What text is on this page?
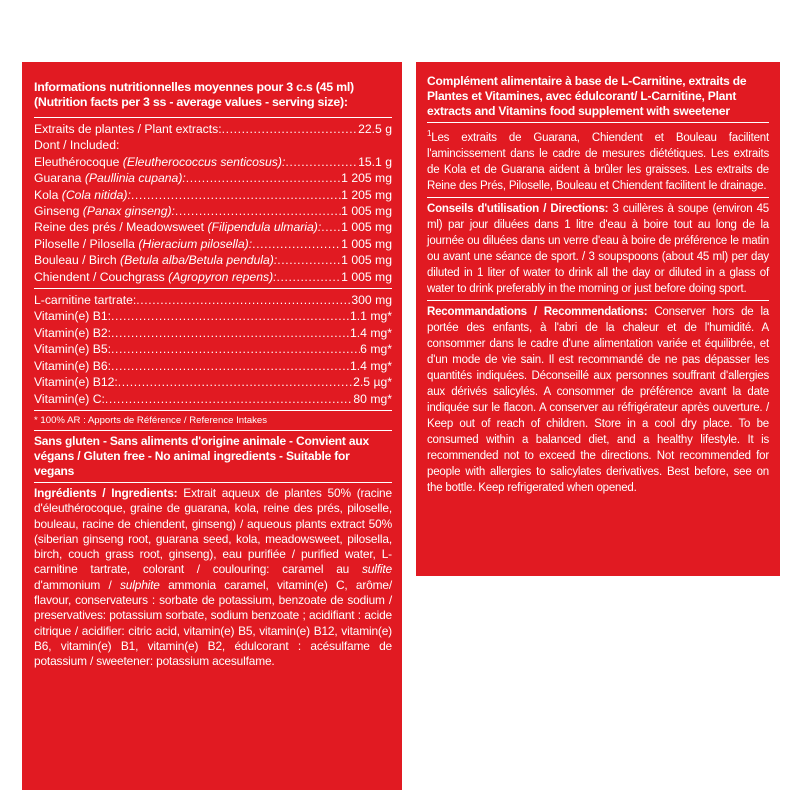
Informations nutritionnelles moyennes pour 3 c.s (45 ml)
(Nutrition facts per 3 ss - average values - serving size):
Extraits de plantes / Plant extracts: .....	22.5 g
Dont / Included:
Eleuthérocoque (Eleutherococcus senticosus): .....	15.1 g
Guarana (Paullinia cupana): .....	1 205 mg
Kola (Cola nitida): .....	1 205 mg
Ginseng (Panax ginseng): .....	1 005 mg
Reine des prés / Meadowsweet (Filipendula ulmaria): ..... 1 005 mg
Piloselle / Pilosella (Hieracium pilosella): .....	1 005 mg
Bouleau / Birch (Betula alba/Betula pendula): .....	1 005 mg
Chiendent / Couchgrass (Agropyron repens): .....	1 005 mg
L-carnitine tartrate: .....	300 mg
Vitamin(e) B1: .....	1.1 mg*
Vitamin(e) B2: .....	1.4 mg*
Vitamin(e) B5: .....	6 mg*
Vitamin(e) B6: .....	1.4 mg*
Vitamin(e) B12: .....	2.5 µg*
Vitamin(e) C: .....	80 mg*
* 100% AR : Apports de Référence / Reference Intakes
Sans gluten - Sans aliments d'origine animale - Convient aux végans / Gluten free - No animal ingredients - Suitable for vegans
Ingrédients / Ingredients: Extrait aqueux de plantes 50% (racine d'éleuthérocoque, graine de guarana, kola, reine des prés, piloselle, bouleau, racine de chiendent, ginseng) / aqueous plants extract 50% (siberian ginseng root, guarana seed, kola, meadowsweet, pilosella, birch, couch grass root, ginseng), eau purifiée / purified water, L-carnitine tartrate, colorant / coulouring: caramel au sulfite d'ammonium / sulphite ammonia caramel, vitamin(e) C, arôme/ flavour, conservateurs : sorbate de potassium, benzoate de sodium / preservatives: potassium sorbate, sodium benzoate ; acidifiant : acide citrique / acidifier: citric acid, vitamin(e) B5, vitamin(e) B12, vitamin(e) B6, vitamin(e) B1, vitamin(e) B2, édulcorant : acésulfame de potassium / sweetener: potassium acesulfame.
Complément alimentaire à base de L-Carnitine, extraits de Plantes et Vitamines, avec édulcorant/ L-Carnitine, Plant extracts and Vitamins food supplement with sweetener
$^1$Les extraits de Guarana, Chiendent et Bouleau facilitent l'amincissement dans le cadre de mesures diététiques. Les extraits de Kola et de Guarana aident à brûler les graisses. Les extraits de Reine des Prés, Piloselle, Bouleau et Chiendent facilitent le drainage.
Conseils d'utilisation / Directions: 3 cuillères à soupe (environ 45 ml) par jour diluées dans 1 litre d'eau à boire tout au long de la journée ou diluées dans un verre d'eau à boire de préférence le matin ou avant une séance de sport. / 3 soupspoons (about 45 ml) per day diluted in 1 liter of water to drink all the day or diluted in a glass of water to drink preferably in the morning or just before doing sport.
Recommandations / Recommendations: Conserver hors de la portée des enfants, à l'abri de la chaleur et de l'humidité. A consommer dans le cadre d'une alimentation variée et équilibrée, et d'un mode de vie sain. Il est recommandé de ne pas dépasser les quantités indiquées. Déconseillé aux personnes souffrant d'allergies aux dérivés salicylés. A consommer de préférence avant la date indiquée sur le flacon. A conserver au réfrigérateur après ouverture. / Keep out of reach of children. Store in a cool dry place. To be consumed within a balanced diet, and a healthy lifestyle. It is recommended not to exceed the directions. Not recommended for people with allergies to salicylates derivatives. Best before, see on the bottle. Keep refrigerated when opened.
